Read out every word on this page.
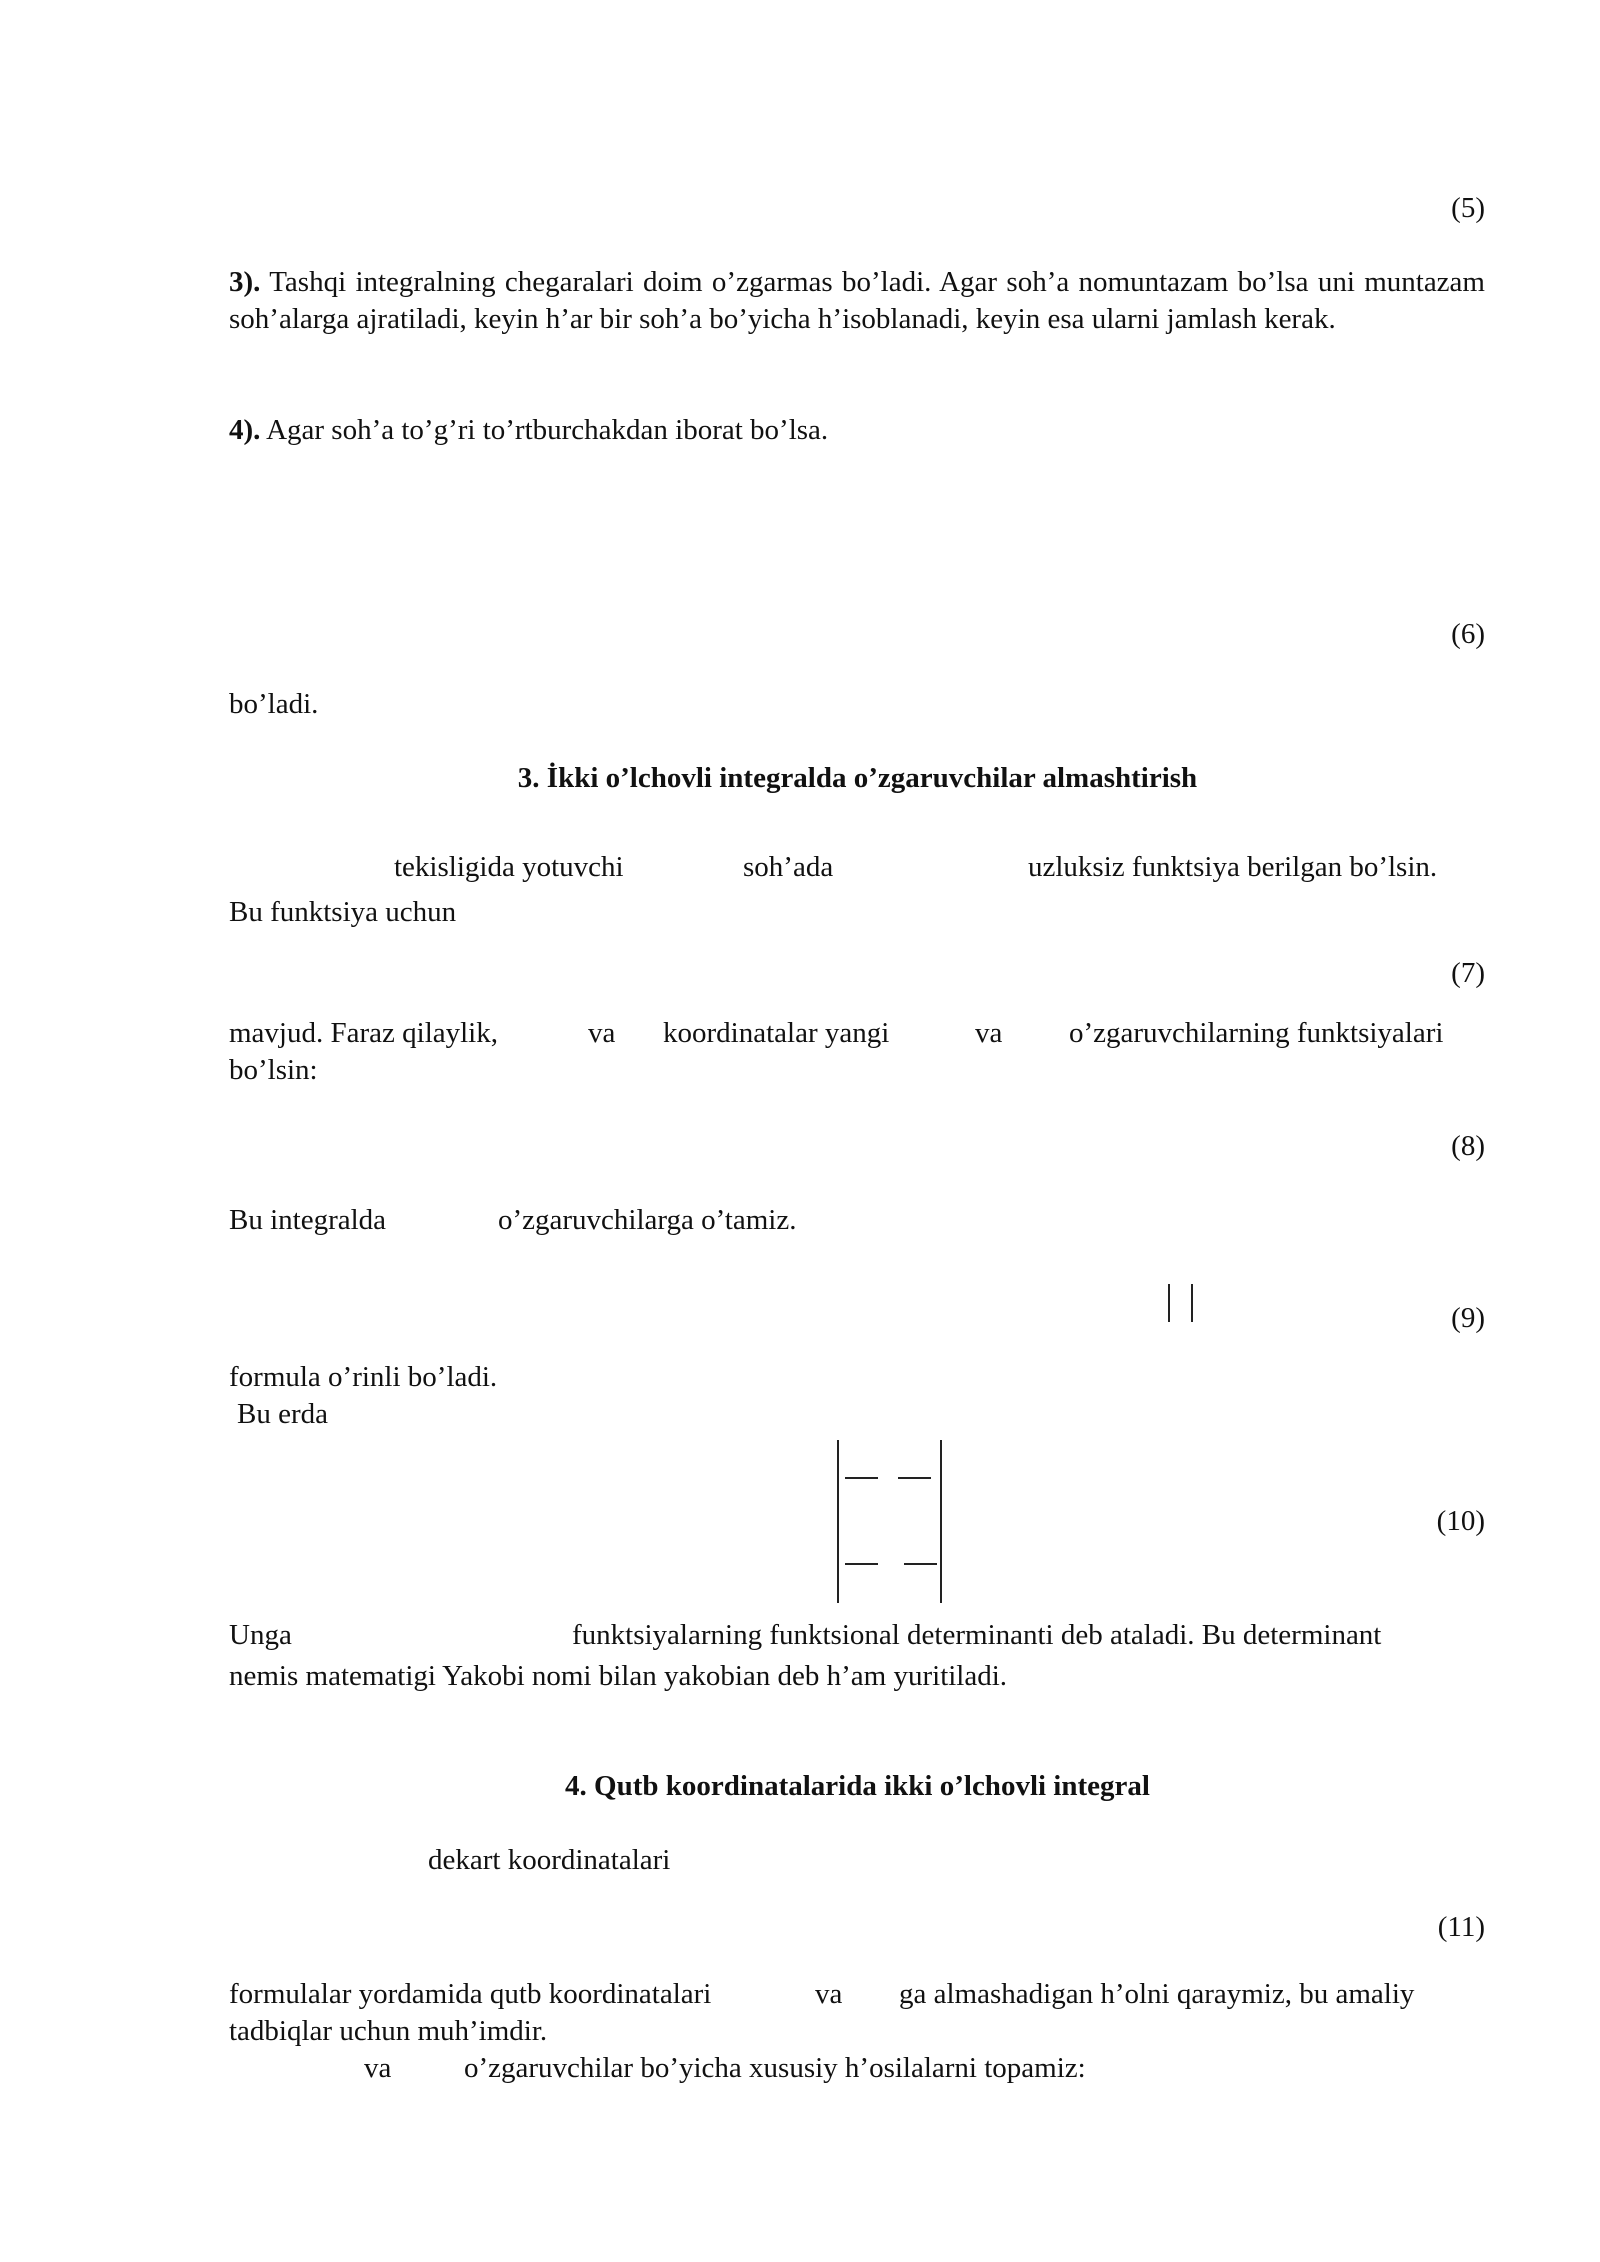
(5)
(6)
(7)
(8)
(9)
(10)
(11)
3). Tashqi integralning chegaralari doim o’zgarmas bo’ladi. Agar soh’a nomuntazam bo’lsa uni muntazam soh’alarga ajratiladi, keyin h’ar bir soh’a bo’yicha h’isoblanadi, keyin esa ularni jamlash kerak.
4). Agar soh’a to’g’ri to’rtburchakdan iborat bo’lsa.
bo’ladi.
3. İkki o’lchovli integralda o’zgaruvchilar almashtirish
tekisligida yotuvchi	soh’ada	uzluksiz funktsiya berilgan bo’lsin.
Bu funktsiya uchun
mavjud. Faraz qilaylik,	va koordinatalar yangi	va o’zgaruvchilarning funktsiyalari
bo’lsin:
Bu integralda	o’zgaruvchilarga o’tamiz.
formula o’rinli bo’ladi.
Bu erda
Unga	funktsiyalarning funktsional determinanti deb ataladi. Bu determinant
nemis matematigi Yakobi nomi bilan yakobian deb h’am yuritiladi.
4. Qutb koordinatalarida ikki o’lchovli integral
dekart koordinatalari
formulalar yordamida qutb koordinatalari	va ga almashadigan h’olni qaraymiz, bu amaliy
tadbiqlar uchun muh’imdir.
va	o’zgaruvchilar bo’yicha xususiy h’osilalarni topamiz:
